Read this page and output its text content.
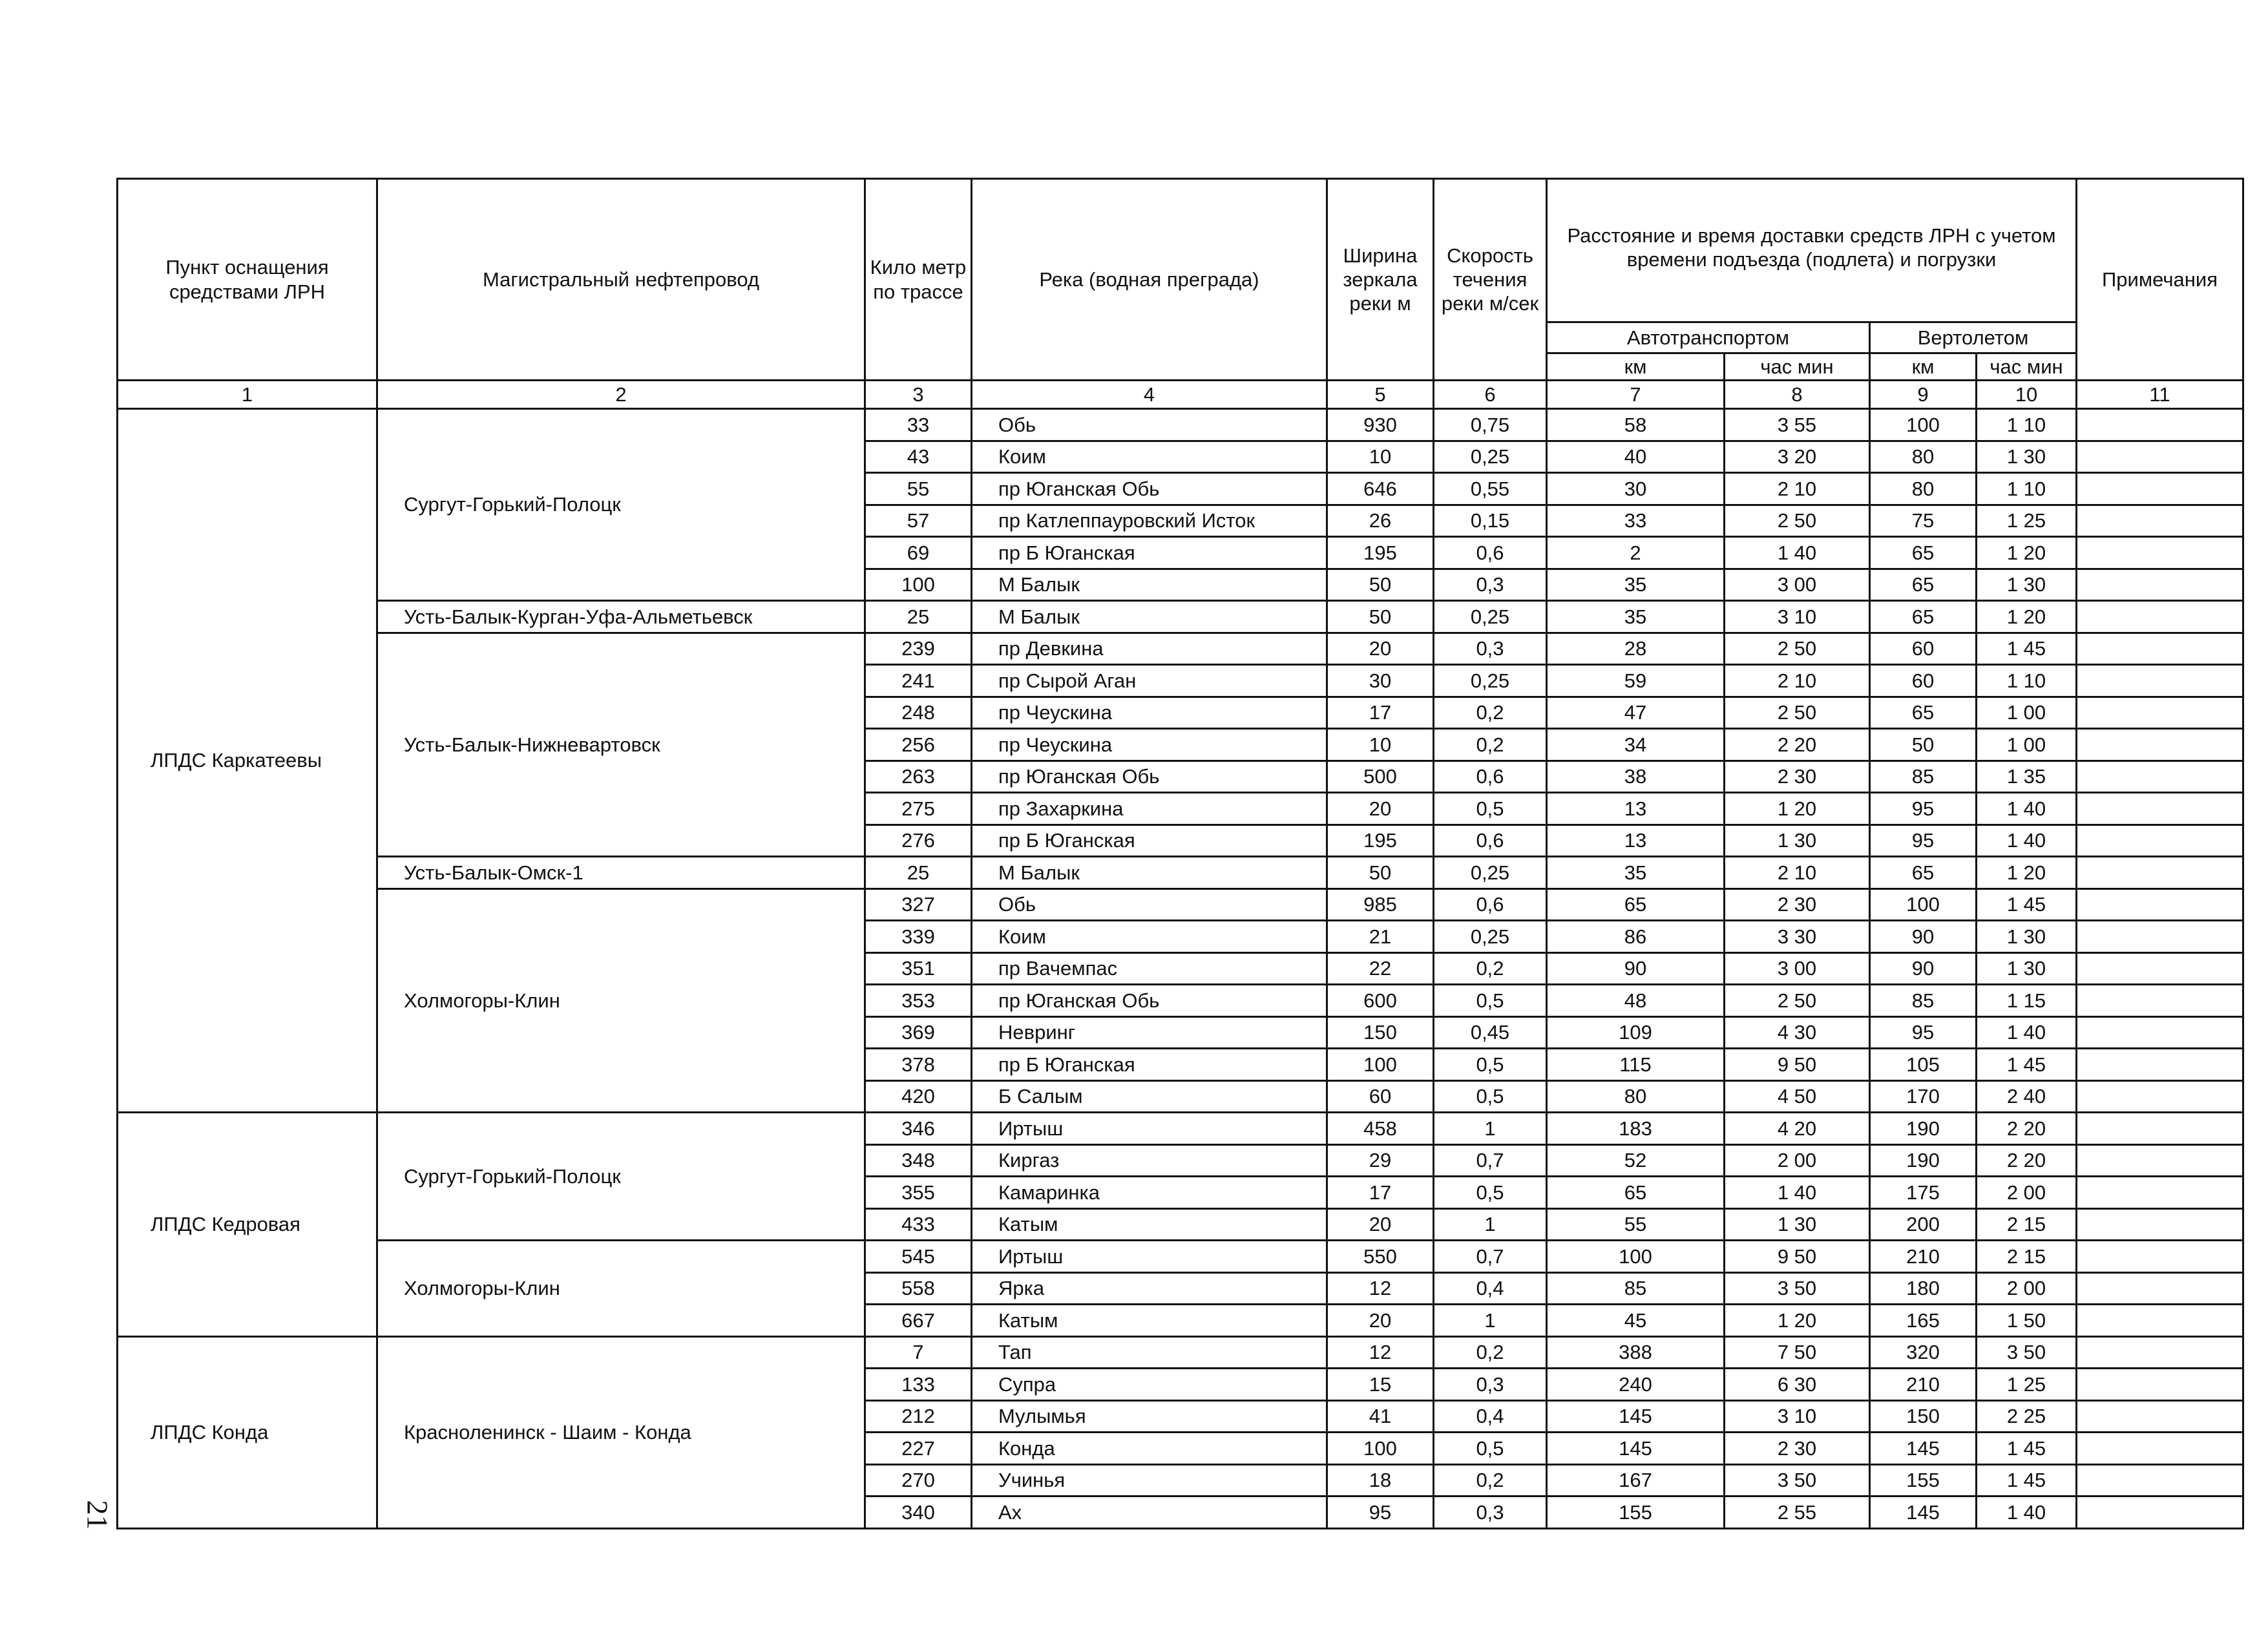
Пункт оснащения средствами ЛРН	Магистральный нефтепровод	Кило метр по трассе	Река (водная преграда)	Ширина зеркала реки м	Скорость течения реки м/сек	Расстояние и время доставки средств ЛРН с учетом времени подъезда (подлета) и погрузки				Примечания
						Автотранспортом		Вертолетом		
						км	час мин	км	час мин	
1	2	3	4	5	6	7	8	9	10	11
ЛПДС Каркатеевы	Сургут-Горький-Полоцк	33	Обь	930	0,75	58	3 55	100	1 10	
		43	Коим	10	0,25	40	3 20	80	1 30	
		55	пр Юганская Обь	646	0,55	30	2 10	80	1 10	
		57	пр Катлеппауровский Исток	26	0,15	33	2 50	75	1 25	
		69	пр Б Юганская	195	0,6	2	1 40	65	1 20	
		100	М Балык	50	0,3	35	3 00	65	1 30	
	Усть-Балык-Курган-Уфа-Альметьевск	25	М Балык	50	0,25	35	3 10	65	1 20	
	Усть-Балык-Нижневартовск	239	пр Девкина	20	0,3	28	2 50	60	1 45	
		241	пр Сырой Аган	30	0,25	59	2 10	60	1 10	
		248	пр Чеускина	17	0,2	47	2 50	65	1 00	
		256	пр Чеускина	10	0,2	34	2 20	50	1 00	
		263	пр Юганская Обь	500	0,6	38	2 30	85	1 35	
		275	пр Захаркина	20	0,5	13	1 20	95	1 40	
		276	пр Б Юганская	195	0,6	13	1 30	95	1 40	
	Усть-Балык-Омск-1	25	М Балык	50	0,25	35	2 10	65	1 20	
	Холмогоры-Клин	327	Обь	985	0,6	65	2 30	100	1 45	
		339	Коим	21	0,25	86	3 30	90	1 30	
		351	пр Вачемпас	22	0,2	90	3 00	90	1 30	
		353	пр Юганская Обь	600	0,5	48	2 50	85	1 15	
		369	Невринг	150	0,45	109	4 30	95	1 40	
		378	пр Б Юганская	100	0,5	115	9 50	105	1 45	
		420	Б Салым	60	0,5	80	4 50	170	2 40	
ЛПДС Кедровая	Сургут-Горький-Полоцк	346	Иртыш	458	1	183	4 20	190	2 20	
		348	Киргаз	29	0,7	52	2 00	190	2 20	
		355	Камаринка	17	0,5	65	1 40	175	2 00	
		433	Катым	20	1	55	1 30	200	2 15	
	Холмогоры-Клин	545	Иртыш	550	0,7	100	9 50	210	2 15	
		558	Ярка	12	0,4	85	3 50	180	2 00	
		667	Катым	20	1	45	1 20	165	1 50	
ЛПДС Конда	Красноленинск - Шаим - Конда	7	Тап	12	0,2	388	7 50	320	3 50	
		133	Супра	15	0,3	240	6 30	210	1 25	
		212	Мулымья	41	0,4	145	3 10	150	2 25	
		227	Конда	100	0,5	145	2 30	145	1 45	
		270	Учинья	18	0,2	167	3 50	155	1 45	
		340	Ах	95	0,3	155	2 55	145	1 40	
21
